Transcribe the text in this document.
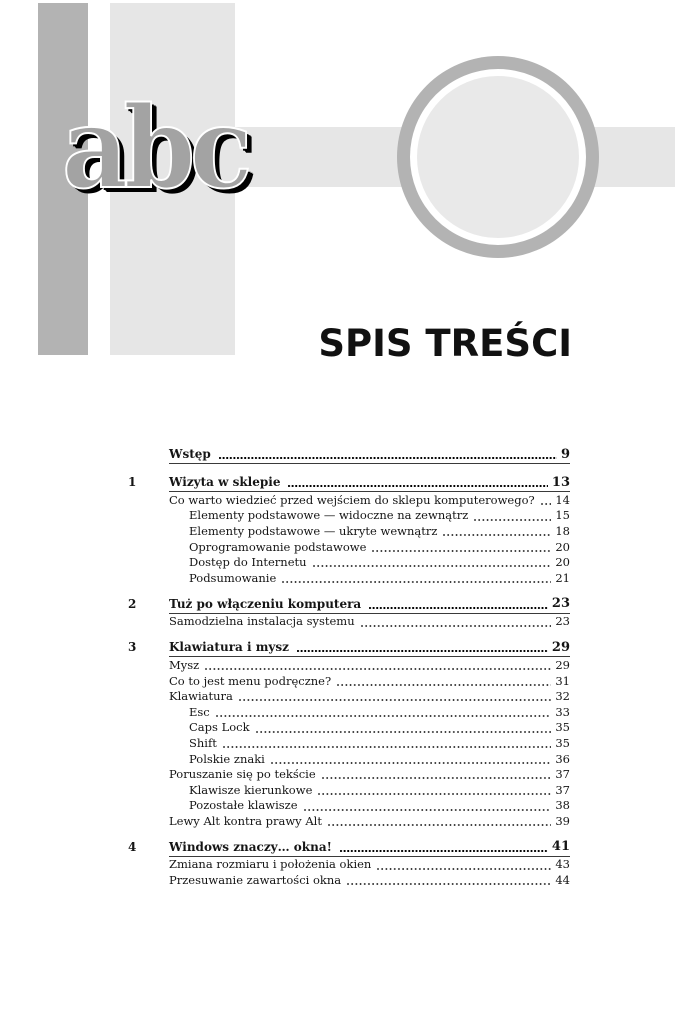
abc
SPIS TREŚCI
Wstęp	9
1	Wizyta w sklepie	13
Co warto wiedzieć przed wejściem do sklepu komputerowego? 14
Elementy podstawowe — widoczne na zewnątrz	15
Elementy podstawowe — ukryte wewnątrz	18
Oprogramowanie podstawowe	20
Dostęp do Internetu	20
Podsumowanie	21
2	Tuż po włączeniu komputera	23
Samodzielna instalacja systemu	23
3	Klawiatura i mysz	29
Mysz	29
Co to jest menu podręczne?	31
Klawiatura	32
Esc	33
Caps Lock	35
Shift	35
Polskie znaki	36
Poruszanie się po tekście	37
Klawisze kierunkowe	37
Pozostałe klawisze	38
Lewy Alt kontra prawy Alt	39
4	Windows znaczy… okna!	41
Zmiana rozmiaru i położenia okien	43
Przesuwanie zawartości okna	44
